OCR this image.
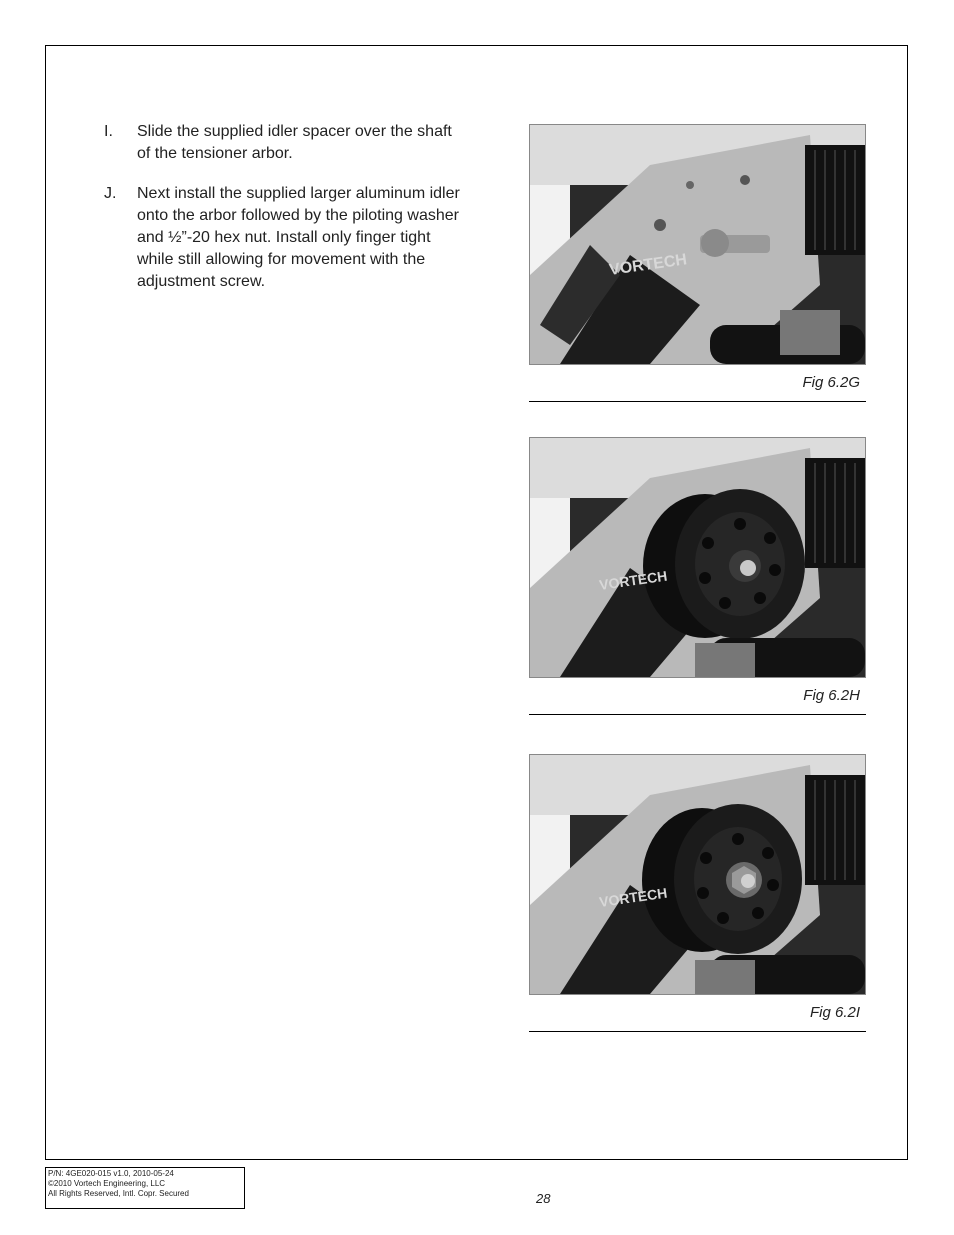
I.	Slide the supplied idler spacer over the shaft
of the tensioner arbor.
J.	Next install the supplied larger aluminum idler
onto the arbor followed by the piloting washer
and ½”-20 hex nut. Install only finger tight
while still allowing for movement with the
adjustment screw.
VORTECH
Fig 6.2G
VORTECH
Fig 6.2H
VORTECH
Fig 6.2I
P/N: 4GE020-015 v1.0, 2010-05-24
©2010 Vortech Engineering, LLC
All Rights Reserved, Intl. Copr. Secured	28
